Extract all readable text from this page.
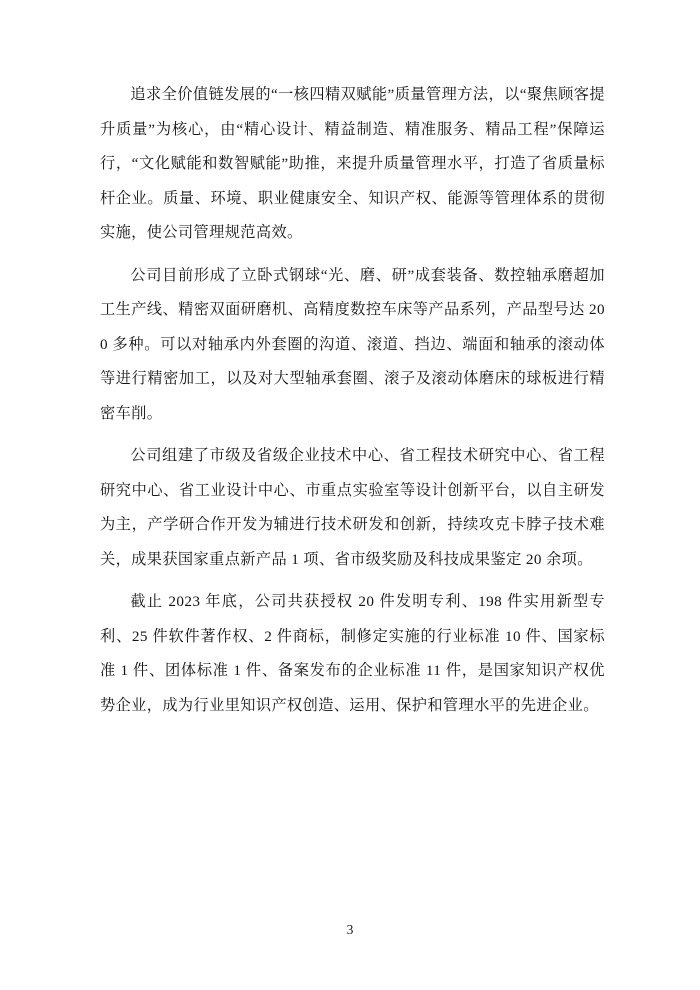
追求全价值链发展的“一核四精双赋能”质量管理方法，以“聚焦顾客提升质量”为核心，由“精心设计、精益制造、精准服务、精品工程”保障运行，“文化赋能和数智赋能”助推，来提升质量管理水平，打造了省质量标杆企业。质量、环境、职业健康安全、知识产权、能源等管理体系的贯彻实施，使公司管理规范高效。

公司目前形成了立卧式钢球“光、磨、研”成套装备、数控轴承磨超加工生产线、精密双面研磨机、高精度数控车床等产品系列，产品型号达 200 多种。可以对轴承内外套圈的沟道、滚道、挡边、端面和轴承的滚动体等进行精密加工，以及对大型轴承套圈、滚子及滚动体磨床的球板进行精密车削。

公司组建了市级及省级企业技术中心、省工程技术研究中心、省工程研究中心、省工业设计中心、市重点实验室等设计创新平台，以自主研发为主，产学研合作开发为辅进行技术研发和创新，持续攻克卡脖子技术难关，成果获国家重点新产品 1 项、省市级奖励及科技成果鉴定 20 余项。

截止 2023 年底，公司共获授权 20 件发明专利、198 件实用新型专利、25 件软件著作权、2 件商标，制修定实施的行业标准 10 件、国家标准 1 件、团体标准 1 件、备案发布的企业标准 11 件，是国家知识产权优势企业，成为行业里知识产权创造、运用、保护和管理水平的先进企业。

3
